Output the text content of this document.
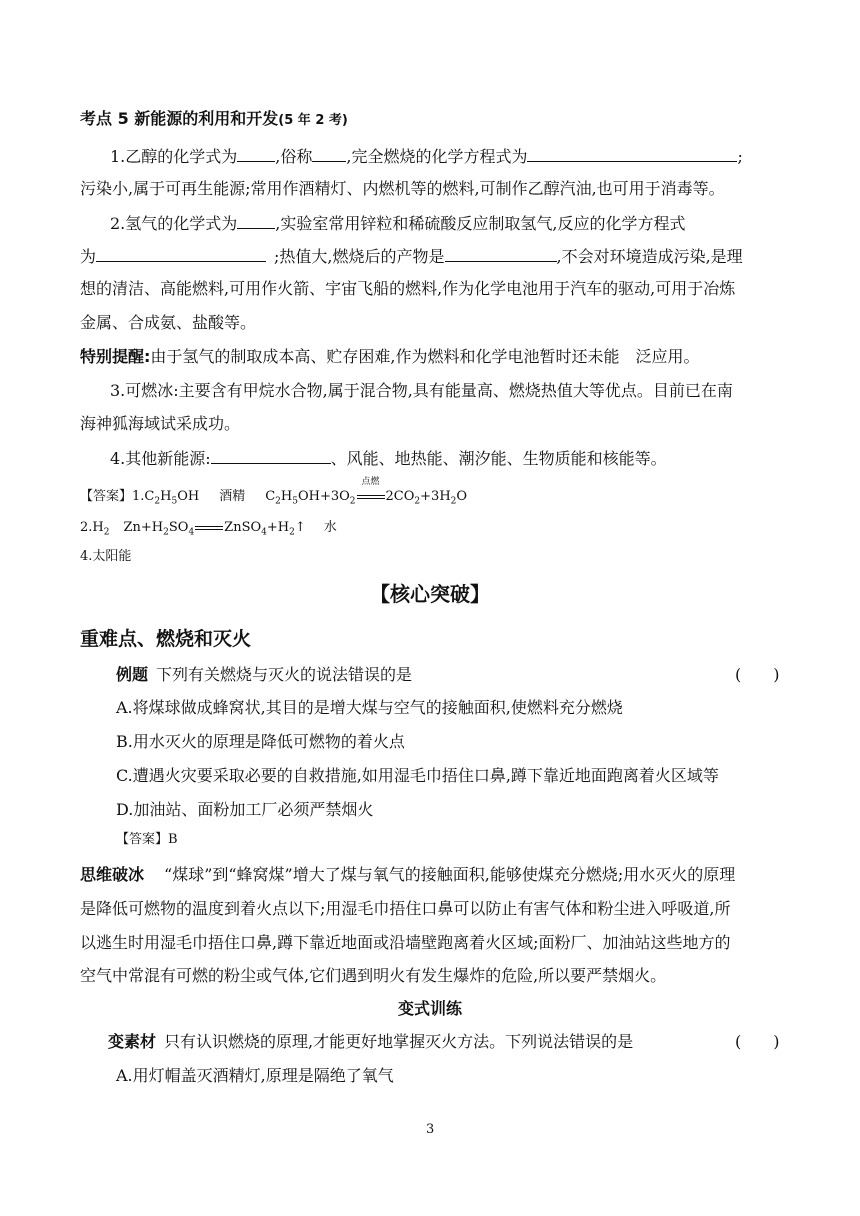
考点 5 新能源的利用和开发(5 年 2 考)
1.乙醇的化学式为 ,俗称 ,完全燃烧的化学方程式为	;
污染小,属于可再生能源;常用作酒精灯、内燃机等的燃料,可制作乙醇汽油,也可用于消毒等。
2.氢气的化学式为 ,实验室常用锌粒和稀硫酸反应制取氢气,反应的化学方程式
为	;热值大,燃烧后的产物是	,不会对环境造成污染,是理
想的清洁、高能燃料,可用作火箭、宇宙飞船的燃料,作为化学电池用于汽车的驱动,可用于冶炼
金属、合成氨、盐酸等。
特别提醒:由于氢气的制取成本高、贮存困难,作为燃料和化学电池暂时还未能　泛应用。
3.可燃冰:主要含有甲烷水合物,属于混合物,具有能量高、燃烧热值大等优点。目前已在南
海神狐海域试采成功。
4.其他新能源:	、风能、地热能、潮汐能、生物质能和核能等。
【答案】$1.C_2H_5OH$ 酒精 $C_2H_5OH+3O_2$
点燃
$2CO_2+3H_2O$
$2.H_2$ $Zn+H_2SO_4$ $ZnSO_4+H_2↑$ 水
4.太阳能
【核心突破】
重难点、燃烧和灭火
例题 下列有关燃烧与灭火的说法错误的是	(　　)
A.将煤球做成蜂窝状,其目的是增大煤与空气的接触面积,使燃料充分燃烧
B.用水灭火的原理是降低可燃物的着火点
C.遭遇火灾要采取必要的自救措施,如用湿毛巾捂住口鼻,蹲下靠近地面跑离着火区域等
D.加油站、面粉加工厂必须严禁烟火
【答案】B
思维破冰 “煤球”到“蜂窝煤”增大了煤与氧气的接触面积,能够使煤充分燃烧;用水灭火的原理
是降低可燃物的温度到着火点以下;用湿毛巾捂住口鼻可以防止有害气体和粉尘进入呼吸道,所
以逃生时用湿毛巾捂住口鼻,蹲下靠近地面或沿墙壁跑离着火区域;面粉厂、加油站这些地方的
空气中常混有可燃的粉尘或气体,它们遇到明火有发生爆炸的危险,所以要严禁烟火。
变式训练
变素材 只有认识燃烧的原理,才能更好地掌握灭火方法。下列说法错误的是	(　　)
A.用灯帽盖灭酒精灯,原理是隔绝了氧气
3
